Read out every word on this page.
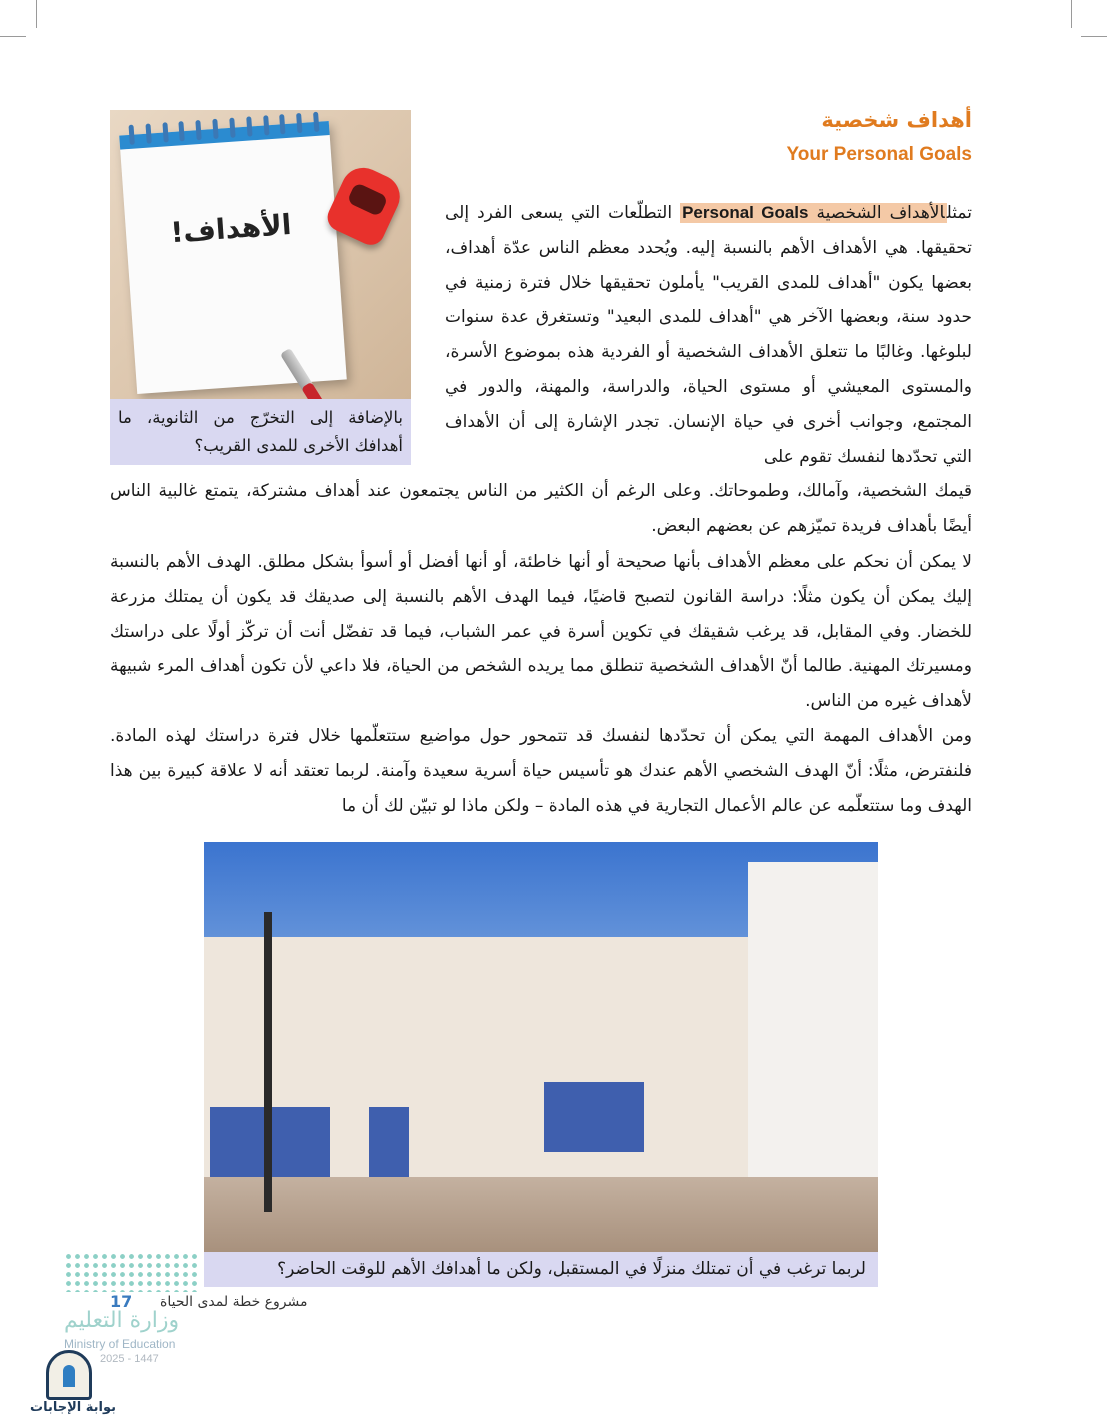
أهداف شخصية
Your Personal Goals
الأهداف!
بالإضافة إلى التخرّج من الثانوية، ما أهدافك الأخرى للمدى القريب؟
تمثلالأهداف الشخصية Personal Goals التطلّعات التي يسعى الفرد إلى تحقيقها. هي الأهداف الأهم بالنسبة إليه. ويُحدد معظم الناس عدّة أهداف، بعضها يكون "أهداف للمدى القريب" يأملون تحقيقها خلال فترة زمنية في حدود سنة، وبعضها الآخر هي "أهداف للمدى البعيد" وتستغرق عدة سنوات لبلوغها. وغالبًا ما تتعلق الأهداف الشخصية أو الفردية هذه بموضوع الأسرة، والمستوى المعيشي أو مستوى الحياة، والدراسة، والمهنة، والدور في المجتمع، وجوانب أخرى في حياة الإنسان. تجدر الإشارة إلى أن الأهداف التي تحدّدها لنفسك تقوم على
قيمك الشخصية، وآمالك، وطموحاتك. وعلى الرغم أن الكثير من الناس يجتمعون عند أهداف مشتركة، يتمتع غالبية الناس أيضًا بأهداف فريدة تميّزهم عن بعضهم البعض.
لا يمكن أن نحكم على معظم الأهداف بأنها صحيحة أو أنها خاطئة، أو أنها أفضل أو أسوأ بشكل مطلق. الهدف الأهم بالنسبة إليك يمكن أن يكون مثلًا: دراسة القانون لتصبح قاضيًا، فيما الهدف الأهم بالنسبة إلى صديقك قد يكون أن يمتلك مزرعة للخضار. وفي المقابل، قد يرغب شقيقك في تكوين أسرة في عمر الشباب، فيما قد تفضّل أنت أن تركّز أولًا على دراستك ومسيرتك المهنية. طالما أنّ الأهداف الشخصية تنطلق مما يريده الشخص من الحياة، فلا داعي لأن تكون أهداف المرء شبيهة لأهداف غيره من الناس.
ومن الأهداف المهمة التي يمكن أن تحدّدها لنفسك قد تتمحور حول مواضيع ستتعلّمها خلال فترة دراستك لهذه المادة. فلنفترض، مثلًا: أنّ الهدف الشخصي الأهم عندك هو تأسيس حياة أسرية سعيدة وآمنة. لربما تعتقد أنه لا علاقة كبيرة بين هذا الهدف وما ستتعلّمه عن عالم الأعمال التجارية في هذه المادة – ولكن ماذا لو تبيّن لك أن ما
لربما ترغب في أن تمتلك منزلًا في المستقبل، ولكن ما أهدافك الأهم للوقت الحاضر؟
مشروع خطة لمدى الحياة
17
وزارة التعليم
Ministry of Education
2025 - 1447
بوابة الإجابات
